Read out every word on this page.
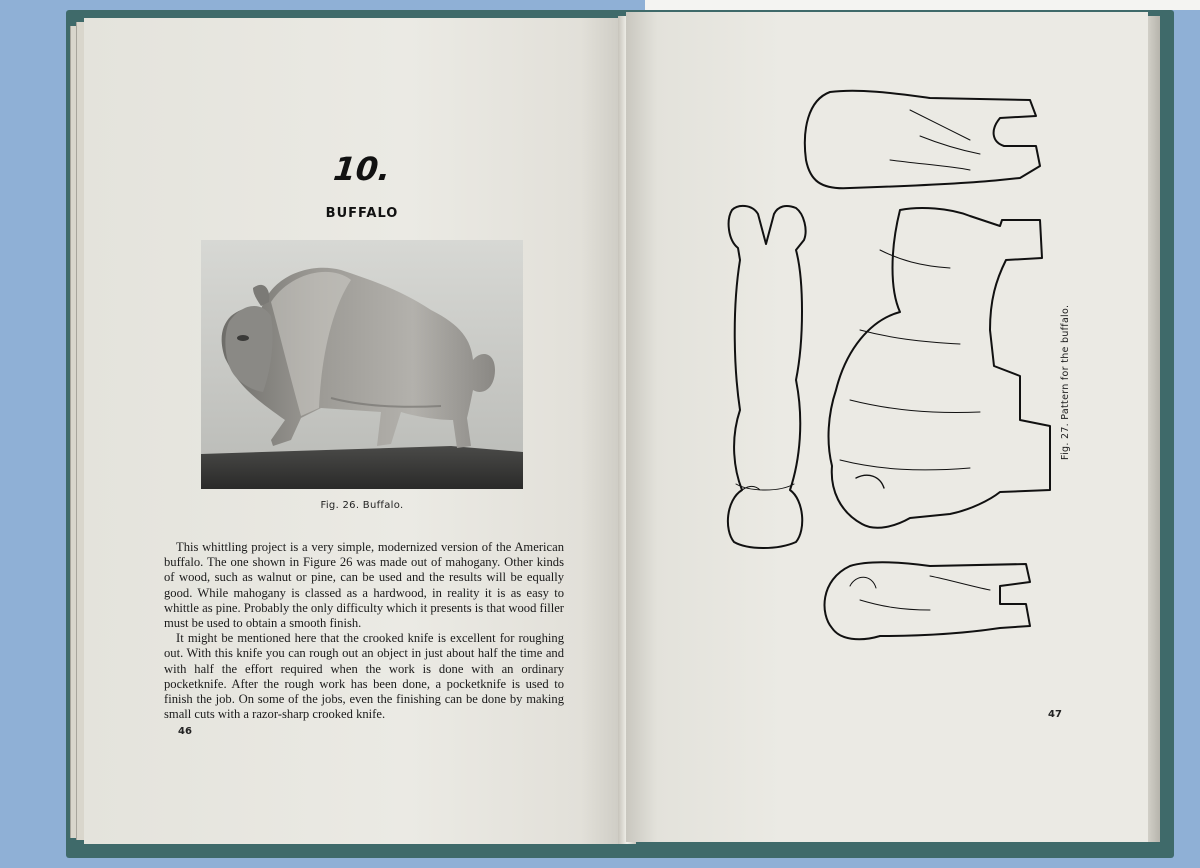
10.
BUFFALO
Fig. 26. Buffalo.

This whittling project is a very simple, modernized version of the American buffalo. The one shown in Figure 26 was made out of mahogany. Other kinds of wood, such as walnut or pine, can be used and the results will be equally good. While mahogany is classed as a hardwood, in reality it is as easy to whittle as pine. Probably the only difficulty which it presents is that wood filler must be used to obtain a smooth finish.

It might be mentioned here that the crooked knife is excellent for roughing out. With this knife you can rough out an object in just about half the time and with half the effort required when the work is done with an ordinary pocketknife. After the rough work has been done, a pocketknife is used to finish the job. On some of the jobs, even the finishing can be done by making small cuts with a razor-sharp crooked knife.

46
Fig. 27. Pattern for the buffalo.
47
